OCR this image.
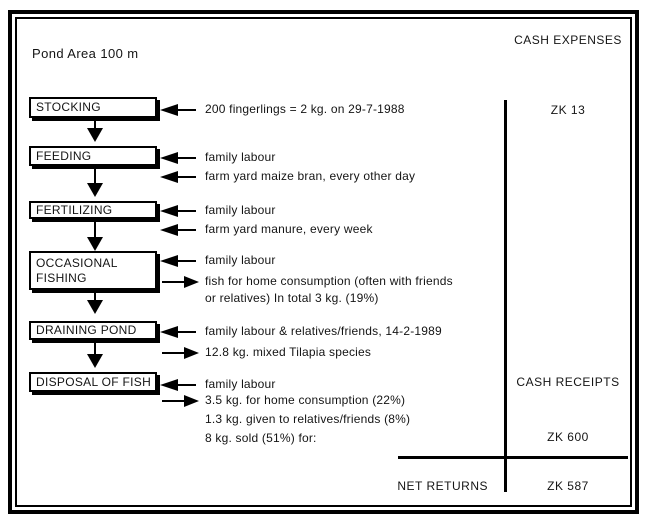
Pond Area 100 m
CASH EXPENSES
STOCKING
FEEDING
FERTILIZING
OCCASIONAL FISHING
DRAINING POND
DISPOSAL OF FISH
200 fingerlings = 2 kg. on 29-7-1988
family labour
farm yard maize bran, every other day
family labour
farm yard manure, every week
family labour
fish for home consumption (often with friends or relatives) In total 3 kg. (19%)
family labour & relatives/friends, 14-2-1989
12.8 kg. mixed Tilapia species
family labour
3.5 kg. for home consumption (22%)
1.3 kg. given to relatives/friends (8%)
8 kg. sold (51%) for:
ZK 13
CASH RECEIPTS
ZK 600
NET RETURNS	ZK 587
